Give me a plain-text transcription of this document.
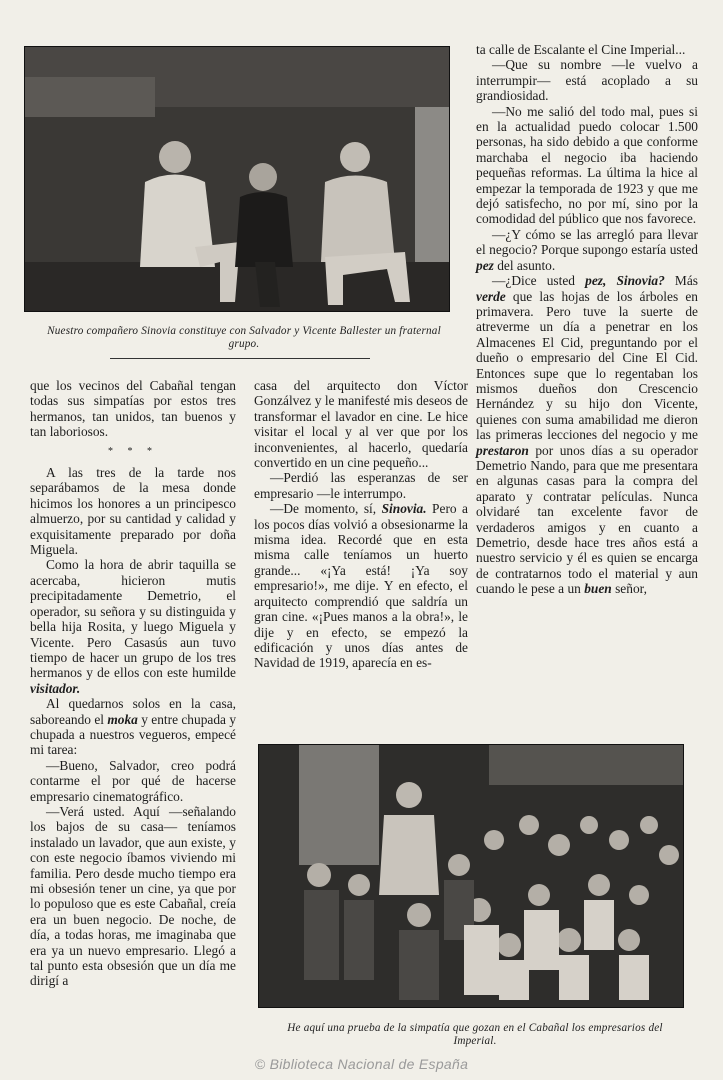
Nuestro compañero Sinovia constituye con Salvador y Vicente Ballester un fraternal grupo.

ta calle de Escalante el Cine Imperial...

—Que su nombre —le vuelvo a interrumpir— está acoplado a su grandiosidad.

—No me salió del todo mal, pues si en la actualidad puedo colocar 1.500 personas, ha sido debido a que conforme marchaba el negocio iba haciendo pequeñas reformas. La última la hice al empezar la temporada de 1923 y que me dejó satisfecho, no por mí, sino por la comodidad del público que nos favorece.

—¿Y cómo se las arregló para llevar el negocio? Porque supongo estaría usted pez del asunto.

—¿Dice usted pez, Sinovia? Más verde que las hojas de los árboles en primavera. Pero tuve la suerte de atreverme un día a penetrar en los Almacenes El Cid, preguntando por el dueño o empresario del Cine El Cid. Entonces supe que lo regentaban los mismos dueños don Crescencio Hernández y su hijo don Vicente, quienes con suma amabilidad me dieron las primeras lecciones del negocio y me prestaron por unos días a su operador Demetrio Nando, para que me presentara en algunas casas para la compra del aparato y contratar películas. Nunca olvidaré tan excelente favor de verdaderos amigos y en cuanto a Demetrio, desde hace tres años está a nuestro servicio y él es quien se encarga de contratarnos todo el material y aun cuando le pese a un buen señor,

que los vecinos del Cabañal tengan todas sus simpatías por estos tres hermanos, tan unidos, tan buenos y tan laboriosos.

* * *

A las tres de la tarde nos separábamos de la mesa donde hicimos los honores a un principesco almuerzo, por su cantidad y calidad y exquisitamente preparado por doña Miguela.

Como la hora de abrir taquilla se acercaba, hicieron mutis precipitadamente Demetrio, el operador, su señora y su distinguida y bella hija Rosita, y luego Miguela y Vicente. Pero Casasús aun tuvo tiempo de hacer un grupo de los tres hermanos y de ellos con este humilde visitador.

Al quedarnos solos en la casa, saboreando el moka y entre chupada y chupada a nuestros vegueros, empecé mi tarea:

—Bueno, Salvador, creo podrá contarme el por qué de hacerse empresario cinematográfico.

—Verá usted. Aquí —señalando los bajos de su casa— teníamos instalado un lavador, que aun existe, y con este negocio íbamos viviendo mi familia. Pero desde mucho tiempo era mi obsesión tener un cine, ya que por lo populoso que es este Cabañal, creía era un buen negocio. De noche, de día, a todas horas, me imaginaba que era ya un nuevo empresario. Llegó a tal punto esta obsesión que un día me dirigí a

casa del arquitecto don Víctor Gonzálvez y le manifesté mis deseos de transformar el lavador en cine. Le hice visitar el local y al ver que por los inconvenientes, al hacerlo, quedaría convertido en un cine pequeño...

—Perdió las esperanzas de ser empresario —le interrumpo.

—De momento, sí, Sinovia. Pero a los pocos días volvió a obsesionarme la misma idea. Recordé que en esta misma calle teníamos un huerto grande... «¡Ya está! ¡Ya soy empresario!», me dije. Y en efecto, el arquitecto comprendió que saldría un gran cine. «¡Pues manos a la obra!», le dije y en efecto, se empezó la edificación y unos días antes de Navidad de 1919, aparecía en es-

He aquí una prueba de la simpatía que gozan en el Cabañal los empresarios del Imperial.
© Biblioteca Nacional de España
